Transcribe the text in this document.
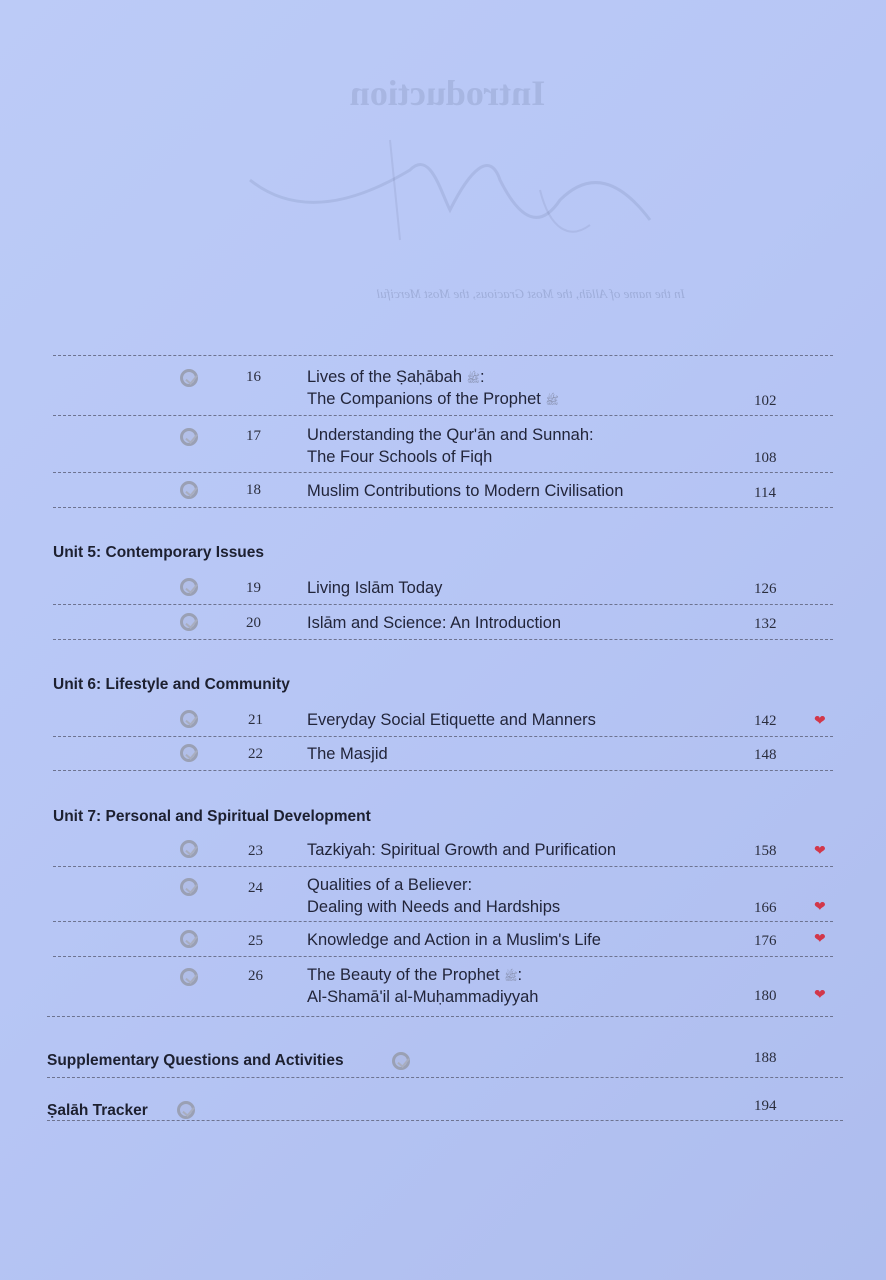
Introduction
In the name of Allāh, the Most Gracious, the Most Merciful
16	Lives of the Ṣaḥābah ﷺ:
The Companions of the Prophet ﷺ	102
17	Understanding the Qur'ān and Sunnah:
The Four Schools of Fiqh	108
18	Muslim Contributions to Modern Civilisation	114
Unit 5: Contemporary Issues
19	Living Islām Today	126
20	Islām and Science: An Introduction	132
Unit 6: Lifestyle and Community
21	Everyday Social Etiquette and Manners	142	❤
22	The Masjid	148
Unit 7: Personal and Spiritual Development
23	Tazkiyah: Spiritual Growth and Purification	158	❤
24	Qualities of a Believer:
Dealing with Needs and Hardships	166	❤
25	Knowledge and Action in a Muslim's Life	176	❤
26	The Beauty of the Prophet ﷺ:
Al-Shamā'il al-Muḥammadiyyah	180	❤
Supplementary Questions and Activities	188
Ṣalāh Tracker	194
